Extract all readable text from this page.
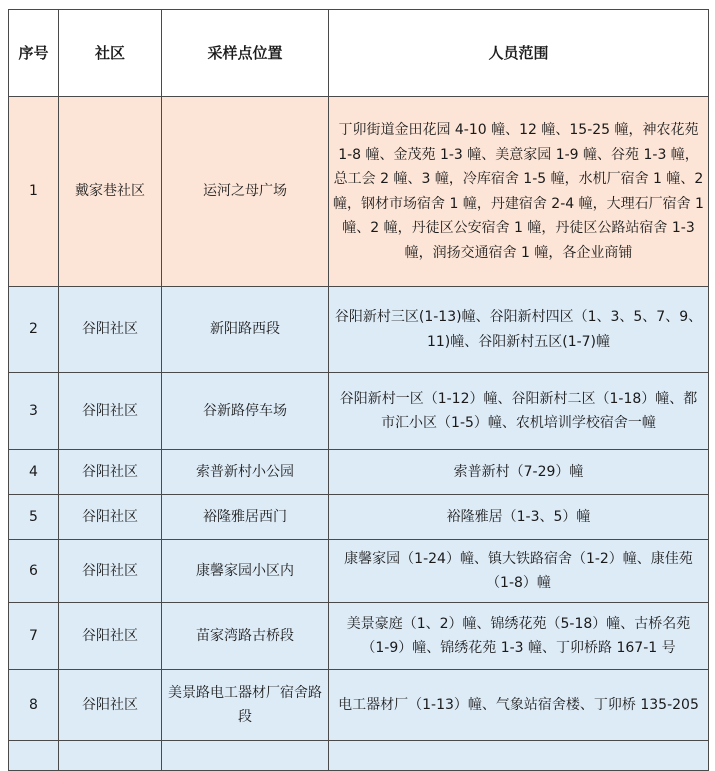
序号	社区	采样点位置	人员范围
1	戴家巷社区	运河之母广场	丁卯街道金田花园 4-10 幢、12 幢、15-25 幢，神农花苑 1-8 幢、金茂苑 1-3 幢、美意家园 1-9 幢、谷苑 1-3 幢，总工会 2 幢、3 幢，冷库宿舍 1-5 幢，水机厂宿舍 1 幢、2 幢，钢材市场宿舍 1 幢，丹建宿舍 2-4 幢，大理石厂宿舍 1 幢、2 幢，丹徒区公安宿舍 1 幢，丹徒区公路站宿舍 1-3 幢，润扬交通宿舍 1 幢，各企业商铺
2	谷阳社区	新阳路西段	谷阳新村三区(1-13)幢、谷阳新村四区（1、3、5、7、9、11)幢、谷阳新村五区(1-7)幢
3	谷阳社区	谷新路停车场	谷阳新村一区（1-12）幢、谷阳新村二区（1-18）幢、都市汇小区（1-5）幢、农机培训学校宿舍一幢
4	谷阳社区	索普新村小公园	索普新村（7-29）幢
5	谷阳社区	裕隆雅居西门	裕隆雅居（1-3、5）幢
6	谷阳社区	康馨家园小区内	康馨家园（1-24）幢、镇大铁路宿舍（1-2）幢、康佳苑（1-8）幢
7	谷阳社区	苗家湾路古桥段	美景豪庭（1、2）幢、锦绣花苑（5-18）幢、古桥名苑（1-9）幢、锦绣花苑 1-3 幢、丁卯桥路 167-1 号
8	谷阳社区	美景路电工器材厂宿舍路段	电工器材厂（1-13）幢、气象站宿舍楼、丁卯桥 135-205
